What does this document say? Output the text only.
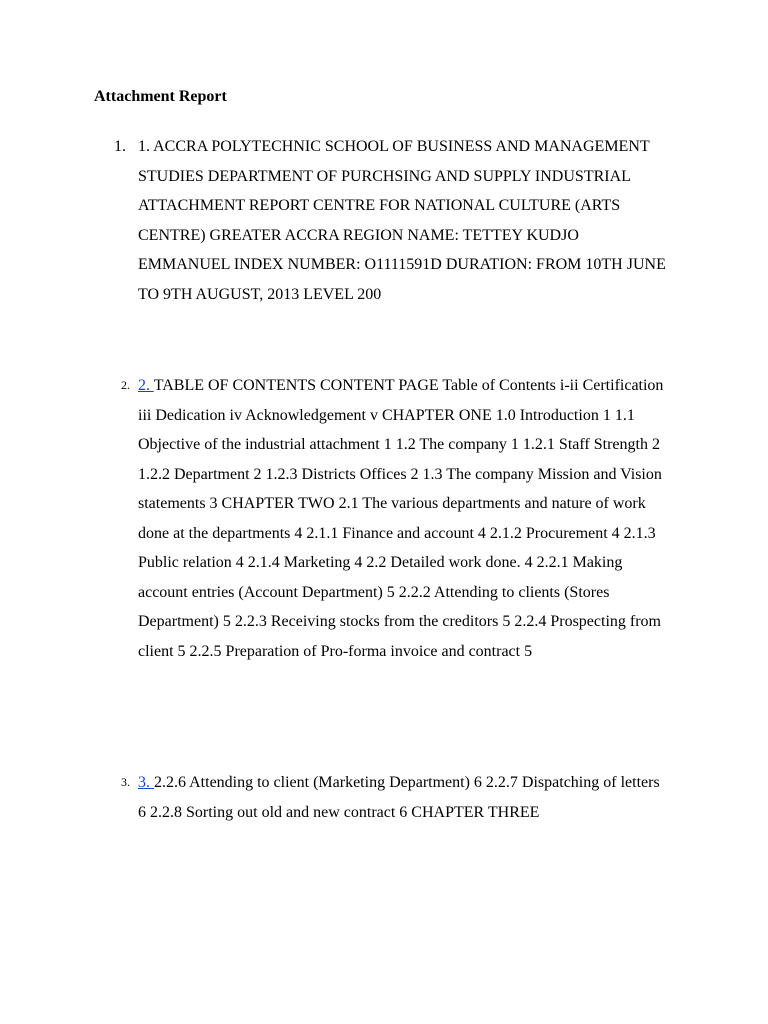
Attachment Report
1. 1. ACCRA POLYTECHNIC SCHOOL OF BUSINESS AND MANAGEMENT STUDIES DEPARTMENT OF PURCHSING AND SUPPLY INDUSTRIAL ATTACHMENT REPORT CENTRE FOR NATIONAL CULTURE (ARTS CENTRE) GREATER ACCRA REGION NAME: TETTEY KUDJO EMMANUEL INDEX NUMBER: O1111591D DURATION: FROM 10TH JUNE TO 9TH AUGUST, 2013 LEVEL 200
2. 2. TABLE OF CONTENTS CONTENT PAGE Table of Contents i-ii Certification iii Dedication iv Acknowledgement v CHAPTER ONE 1.0 Introduction 1 1.1 Objective of the industrial attachment 1 1.2 The company 1 1.2.1 Staff Strength 2 1.2.2 Department 2 1.2.3 Districts Offices 2 1.3 The company Mission and Vision statements 3 CHAPTER TWO 2.1 The various departments and nature of work done at the departments 4 2.1.1 Finance and account 4 2.1.2 Procurement 4 2.1.3 Public relation 4 2.1.4 Marketing 4 2.2 Detailed work done. 4 2.2.1 Making account entries (Account Department) 5 2.2.2 Attending to clients (Stores Department) 5 2.2.3 Receiving stocks from the creditors 5 2.2.4 Prospecting from client 5 2.2.5 Preparation of Pro-forma invoice and contract 5
3. 3. 2.2.6 Attending to client (Marketing Department) 6 2.2.7 Dispatching of letters 6 2.2.8 Sorting out old and new contract 6 CHAPTER THREE
